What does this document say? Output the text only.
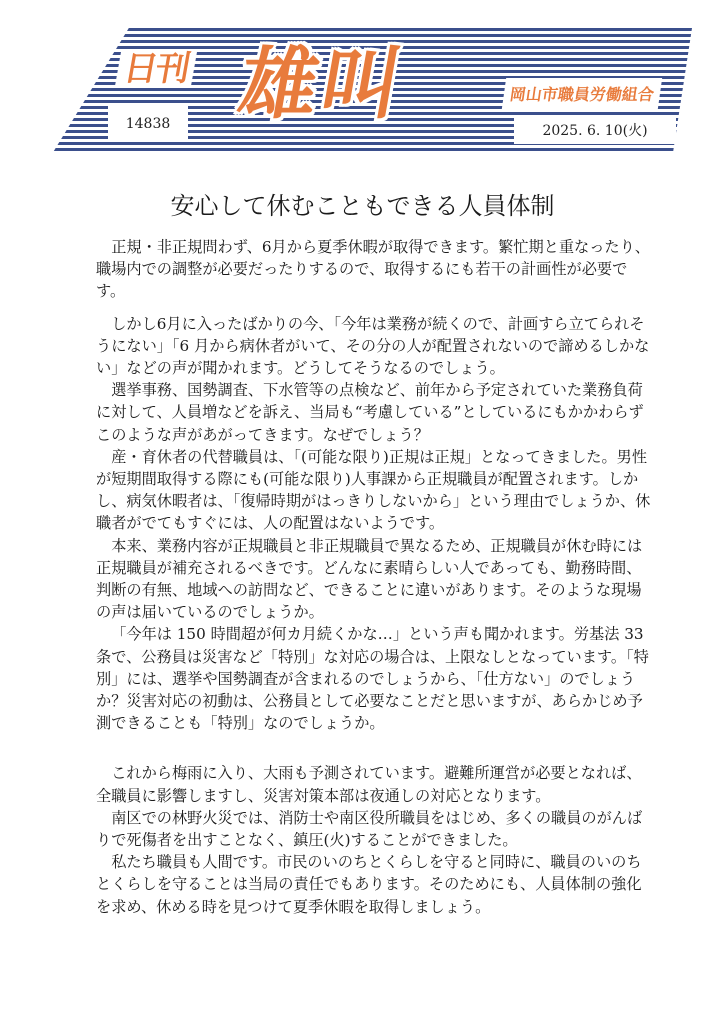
日刊 雄叫
14838
岡山市職員労働組合
2025. 6. 10(火)
安心して休むこともできる人員体制

正規・非正規問わず、6月から夏季休暇が取得できます。繁忙期と重なったり、職場内での調整が必要だったりするので、取得するにも若干の計画性が必要です。

しかし6月に入ったばかりの今、「今年は業務が続くので、計画すら立てられそうにない」「6 月から病休者がいて、その分の人が配置されないので諦めるしかない」などの声が聞かれます。どうしてそうなるのでしょう。

選挙事務、国勢調査、下水管等の点検など、前年から予定されていた業務負荷に対して、人員増などを訴え、当局も“考慮している”としているにもかかわらずこのような声があがってきます。なぜでしょう？

産・育休者の代替職員は、「(可能な限り)正規は正規」となってきました。男性が短期間取得する際にも(可能な限り)人事課から正規職員が配置されます。しかし、病気休暇者は、「復帰時期がはっきりしないから」という理由でしょうか、休職者がでてもすぐには、人の配置はないようです。

本来、業務内容が正規職員と非正規職員で異なるため、正規職員が休む時には正規職員が補充されるべきです。どんなに素晴らしい人であっても、勤務時間、判断の有無、地域への訪問など、できることに違いがあります。そのような現場の声は届いているのでしょうか。

「今年は 150 時間超が何カ月続くかな…」という声も聞かれます。労基法 33 条で、公務員は災害など「特別」な対応の場合は、上限なしとなっています。「特別」には、選挙や国勢調査が含まれるのでしょうから、「仕方ない」のでしょうか？災害対応の初動は、公務員として必要なことだと思いますが、あらかじめ予測できることも「特別」なのでしょうか。

これから梅雨に入り、大雨も予測されています。避難所運営が必要となれば、全職員に影響しますし、災害対策本部は夜通しの対応となります。

南区での林野火災では、消防士や南区役所職員をはじめ、多くの職員のがんばりで死傷者を出すことなく、鎮圧(火)することができました。

私たち職員も人間です。市民のいのちとくらしを守ると同時に、職員のいのちとくらしを守ることは当局の責任でもあります。そのためにも、人員体制の強化を求め、休める時を見つけて夏季休暇を取得しましょう。
